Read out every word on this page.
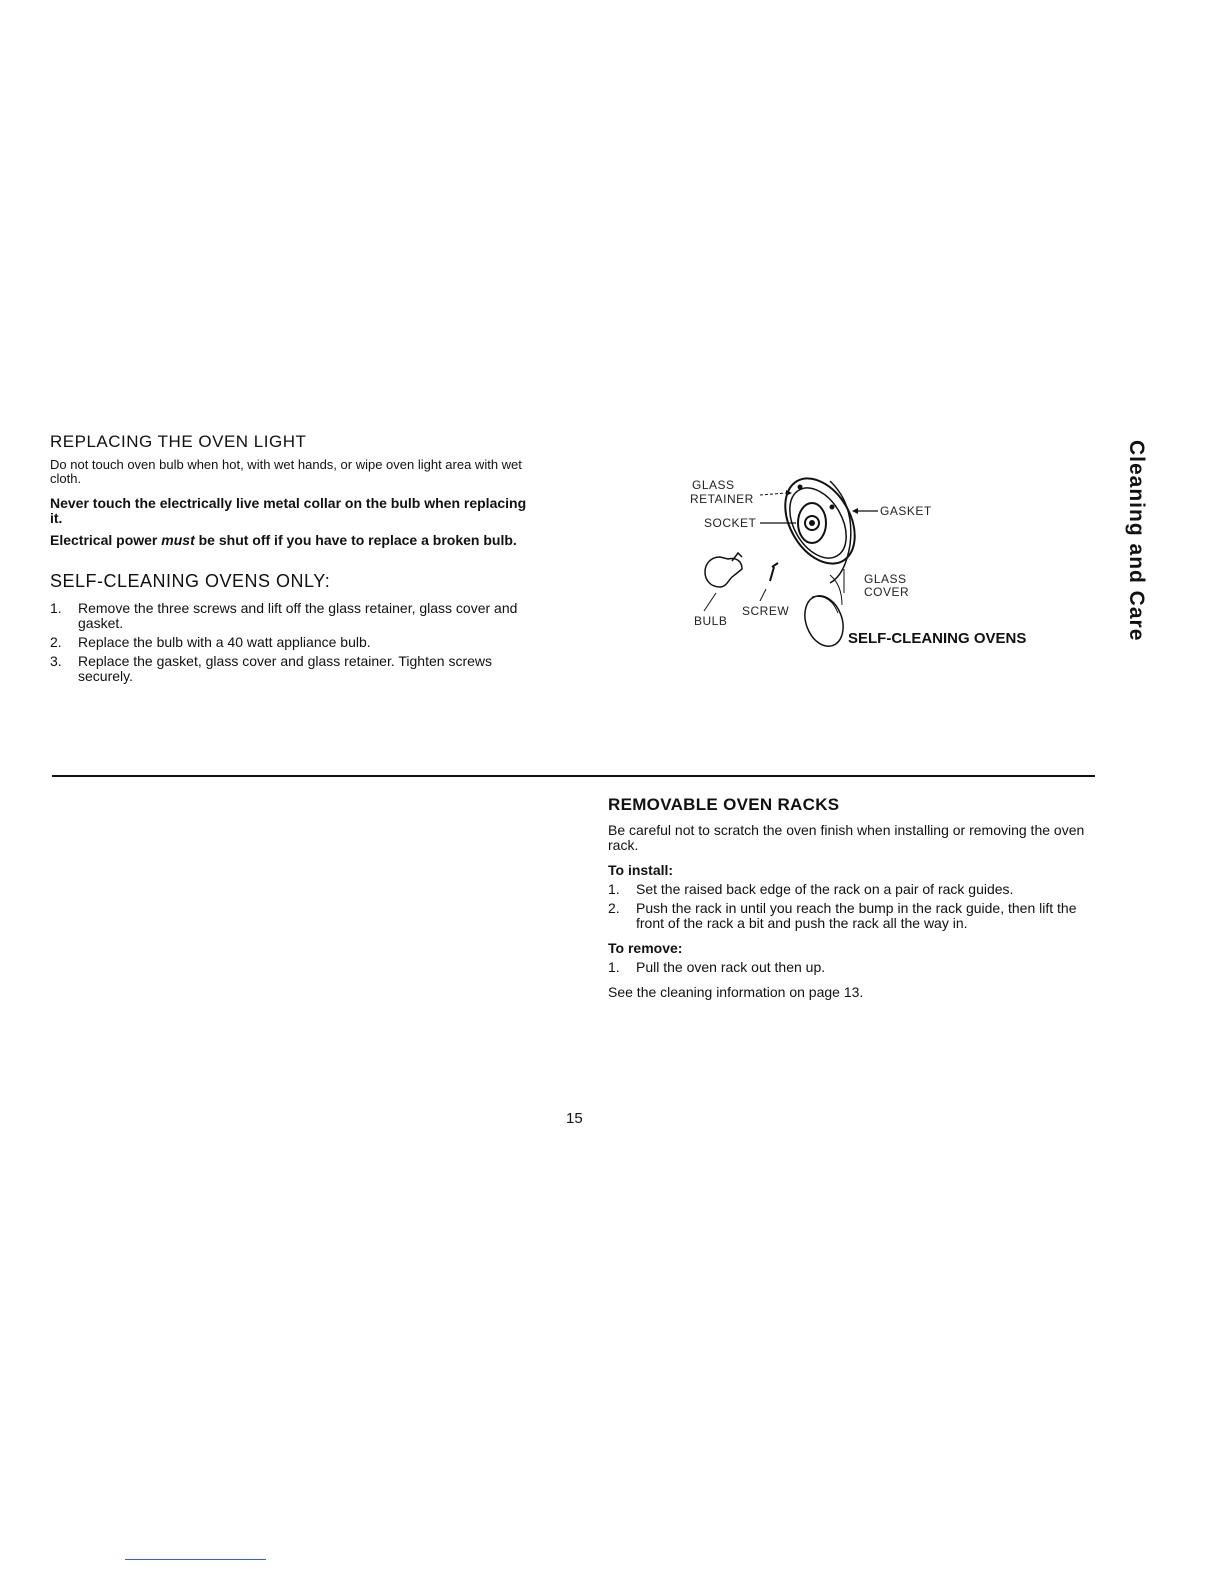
Cleaning and Care
REPLACING THE OVEN LIGHT

Do not touch oven bulb when hot, with wet hands, or wipe oven light area with wet cloth.

Never touch the electrically live metal collar on the bulb when replacing it.

Electrical power must be shut off if you have to replace a broken bulb.

SELF-CLEANING OVENS ONLY:
1. Remove the three screws and lift off the glass retainer, glass cover and gasket.
2. Replace the bulb with a 40 watt appliance bulb.
3. Replace the gasket, glass cover and glass retainer. Tighten screws securely.
GLASS
RETAINER
SOCKET
GASKET
GLASS
COVER
SCREW
BULB
SELF-CLEANING OVENS
REMOVABLE OVEN RACKS

Be careful not to scratch the oven finish when installing or removing the oven rack.

To install:

1. Set the raised back edge of the rack on a pair of rack guides.
2. Push the rack in until you reach the bump in the rack guide, then lift the front of the rack a bit and push the rack all the way in.

To remove:

1. Pull the oven rack out then up.

See the cleaning information on page 13.

15
